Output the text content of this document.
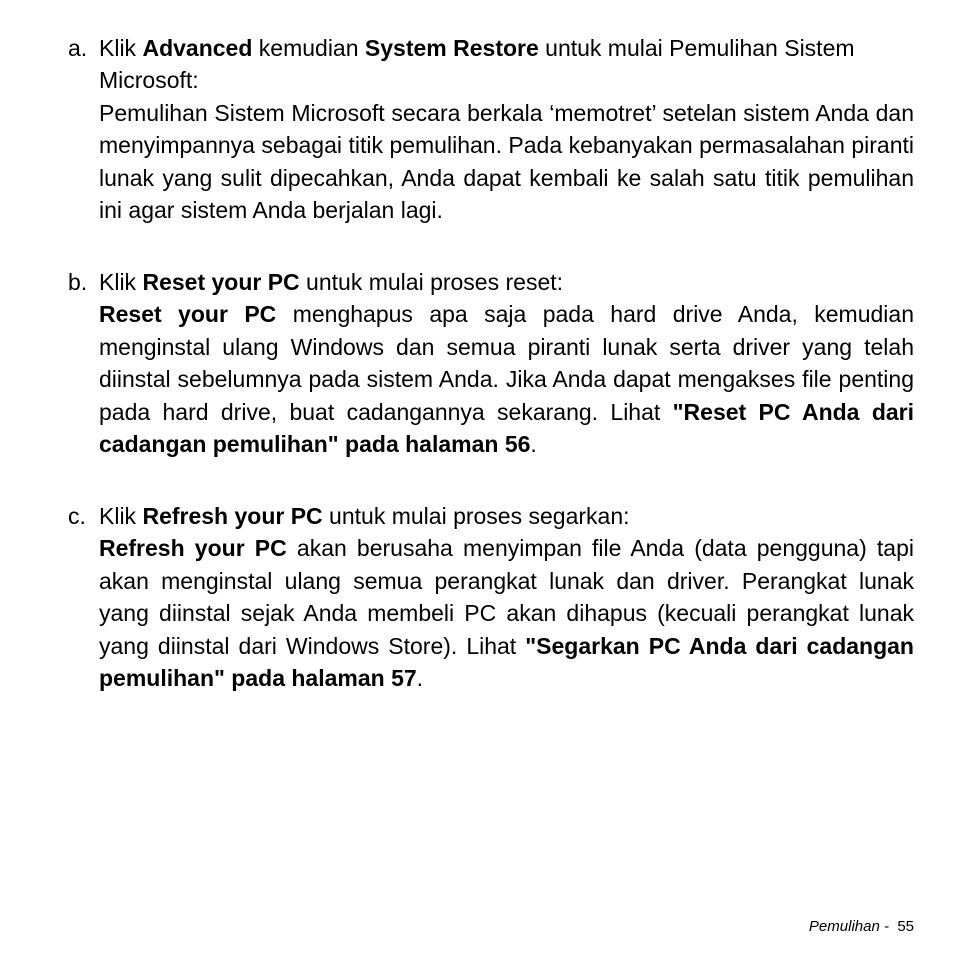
a. Klik Advanced kemudian System Restore untuk mulai Pemulihan Sistem Microsoft:
Pemulihan Sistem Microsoft secara berkala ‘memotret’ setelan sistem Anda dan menyimpannya sebagai titik pemulihan. Pada kebanyakan permasalahan piranti lunak yang sulit dipecahkan, Anda dapat kembali ke salah satu titik pemulihan ini agar sistem Anda berjalan lagi.
b. Klik Reset your PC untuk mulai proses reset:
Reset your PC menghapus apa saja pada hard drive Anda, kemudian menginstal ulang Windows dan semua piranti lunak serta driver yang telah diinstal sebelumnya pada sistem Anda. Jika Anda dapat mengakses file penting pada hard drive, buat cadangannya sekarang. Lihat "Reset PC Anda dari cadangan pemulihan" pada halaman 56.
c. Klik Refresh your PC untuk mulai proses segarkan:
Refresh your PC akan berusaha menyimpan file Anda (data pengguna) tapi akan menginstal ulang semua perangkat lunak dan driver. Perangkat lunak yang diinstal sejak Anda membeli PC akan dihapus (kecuali perangkat lunak yang diinstal dari Windows Store). Lihat "Segarkan PC Anda dari cadangan pemulihan" pada halaman 57.
Pemulihan -  55
